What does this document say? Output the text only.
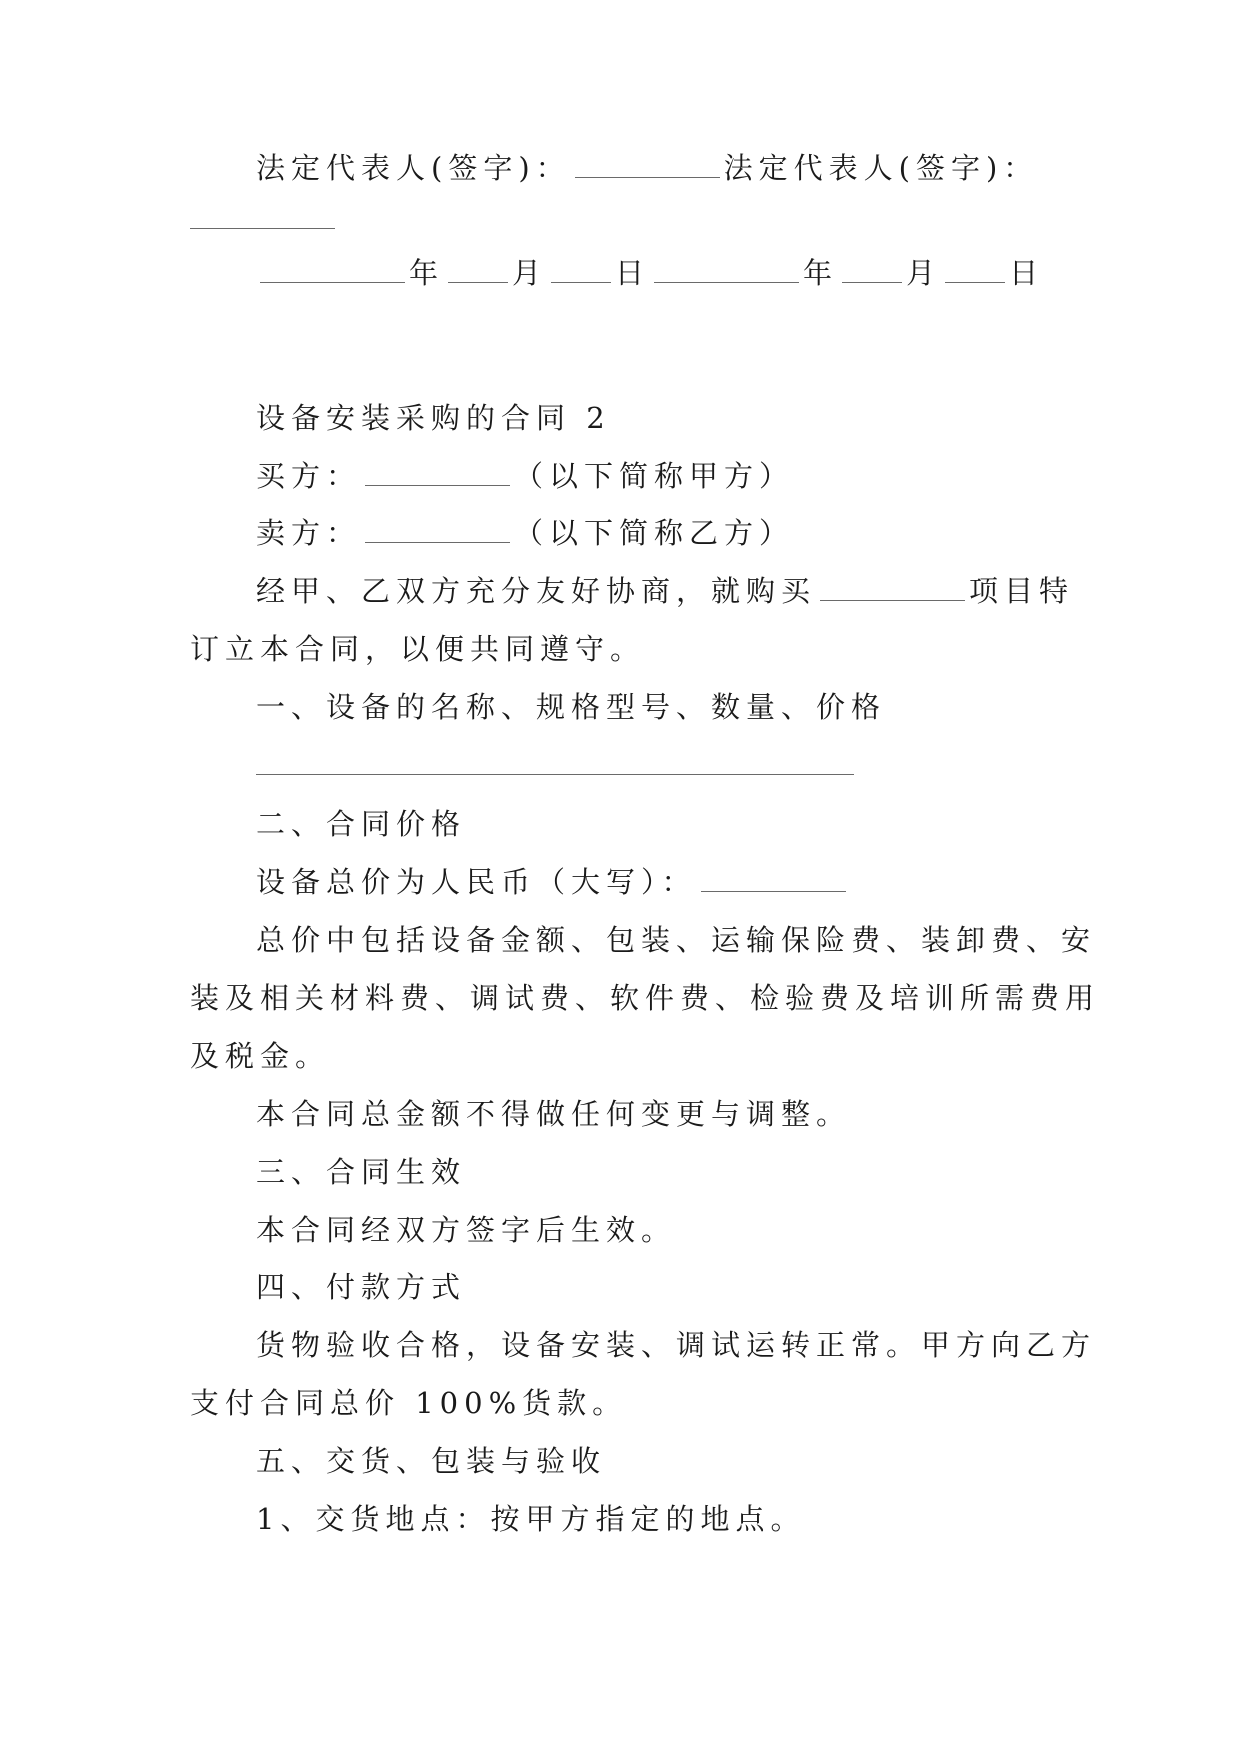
法定代表人(签字)：	法定代表人(签字)：
年 月 日	年 月 日
设备安装采购的合同 2
买方：	（以下简称甲方）
卖方：	（以下简称乙方）
经甲、乙双方充分友好协商，就购买	项目特
订立本合同，以便共同遵守。
一、设备的名称、规格型号、数量、价格
二、合同价格
设备总价为人民币（大写）：
总价中包括设备金额、包装、运输保险费、装卸费、安
装及相关材料费、调试费、软件费、检验费及培训所需费用
及税金。
本合同总金额不得做任何变更与调整。
三、合同生效
本合同经双方签字后生效。
四、付款方式
货物验收合格，设备安装、调试运转正常。甲方向乙方
支付合同总价 100%货款。
五、交货、包装与验收
1、交货地点：按甲方指定的地点。
